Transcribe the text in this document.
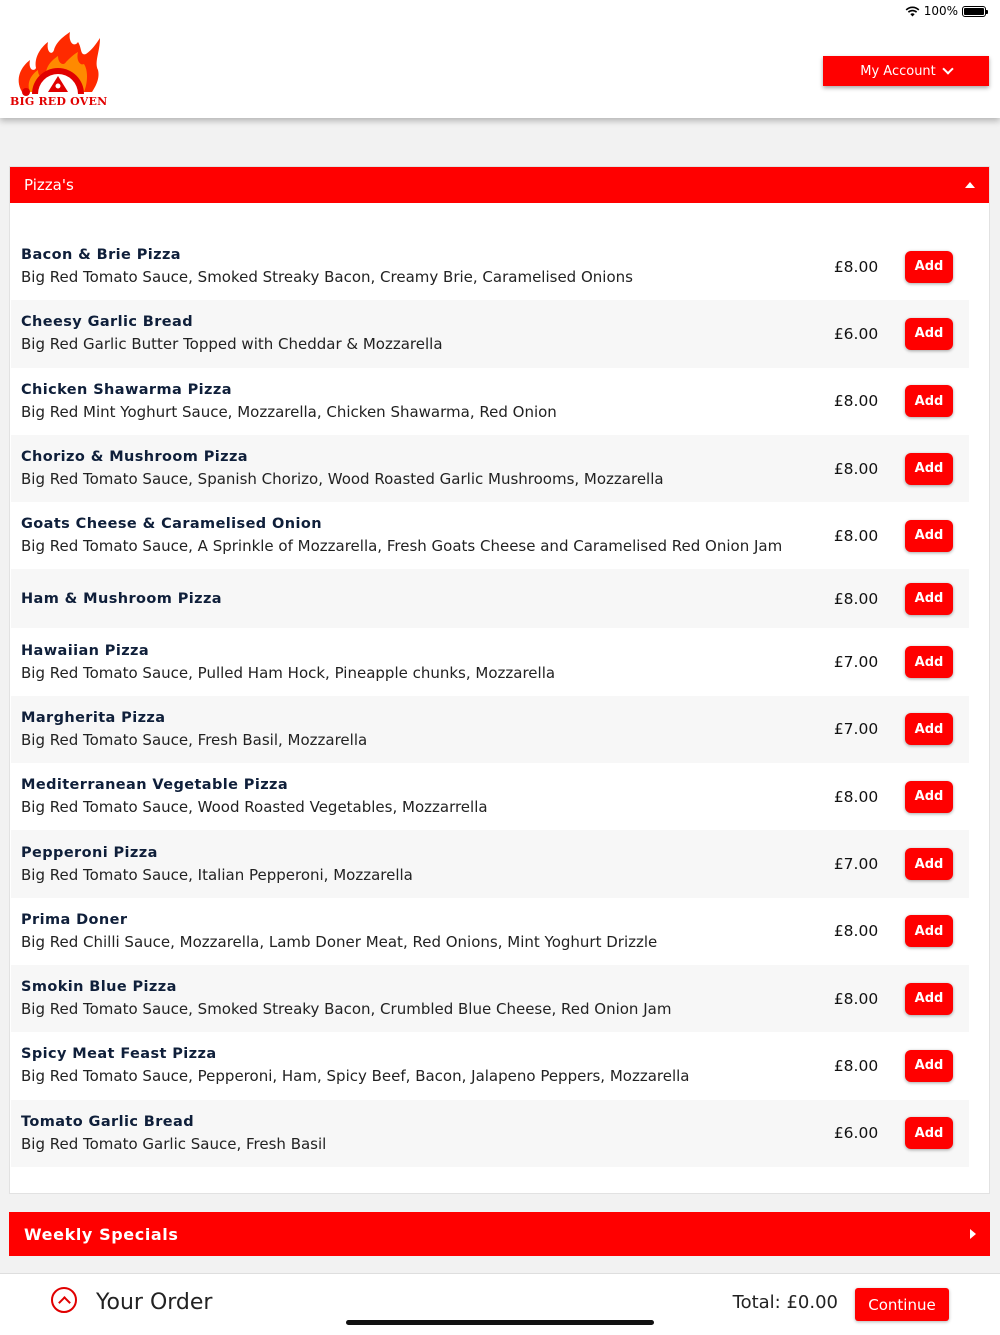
100%
BIG RED OVEN
My Account
Pizza's
Bacon & Brie Pizza
Big Red Tomato Sauce, Smoked Streaky Bacon, Creamy Brie, Caramelised Onions
£8.00	Add
Cheesy Garlic Bread
Big Red Garlic Butter Topped with Cheddar & Mozzarella
£6.00	Add
Chicken Shawarma Pizza
Big Red Mint Yoghurt Sauce, Mozzarella, Chicken Shawarma, Red Onion
£8.00	Add
Chorizo & Mushroom Pizza
Big Red Tomato Sauce, Spanish Chorizo, Wood Roasted Garlic Mushrooms, Mozzarella
£8.00	Add
Goats Cheese & Caramelised Onion
Big Red Tomato Sauce, A Sprinkle of Mozzarella, Fresh Goats Cheese and Caramelised Red Onion Jam
£8.00	Add
Ham & Mushroom Pizza	£8.00	Add
Hawaiian Pizza
Big Red Tomato Sauce, Pulled Ham Hock, Pineapple chunks, Mozzarella
£7.00	Add
Margherita Pizza
Big Red Tomato Sauce, Fresh Basil, Mozzarella
£7.00	Add
Mediterranean Vegetable Pizza
Big Red Tomato Sauce, Wood Roasted Vegetables, Mozzarrella
£8.00	Add
Pepperoni Pizza
Big Red Tomato Sauce, Italian Pepperoni, Mozzarella
£7.00	Add
Prima Doner
Big Red Chilli Sauce, Mozzarella, Lamb Doner Meat, Red Onions, Mint Yoghurt Drizzle
£8.00	Add
Smokin Blue Pizza
Big Red Tomato Sauce, Smoked Streaky Bacon, Crumbled Blue Cheese, Red Onion Jam
£8.00	Add
Spicy Meat Feast Pizza
Big Red Tomato Sauce, Pepperoni, Ham, Spicy Beef, Bacon, Jalapeno Peppers, Mozzarella
£8.00	Add
Tomato Garlic Bread
Big Red Tomato Garlic Sauce, Fresh Basil
£6.00	Add
Weekly Specials
Your Order	Total: £0.00	Continue
